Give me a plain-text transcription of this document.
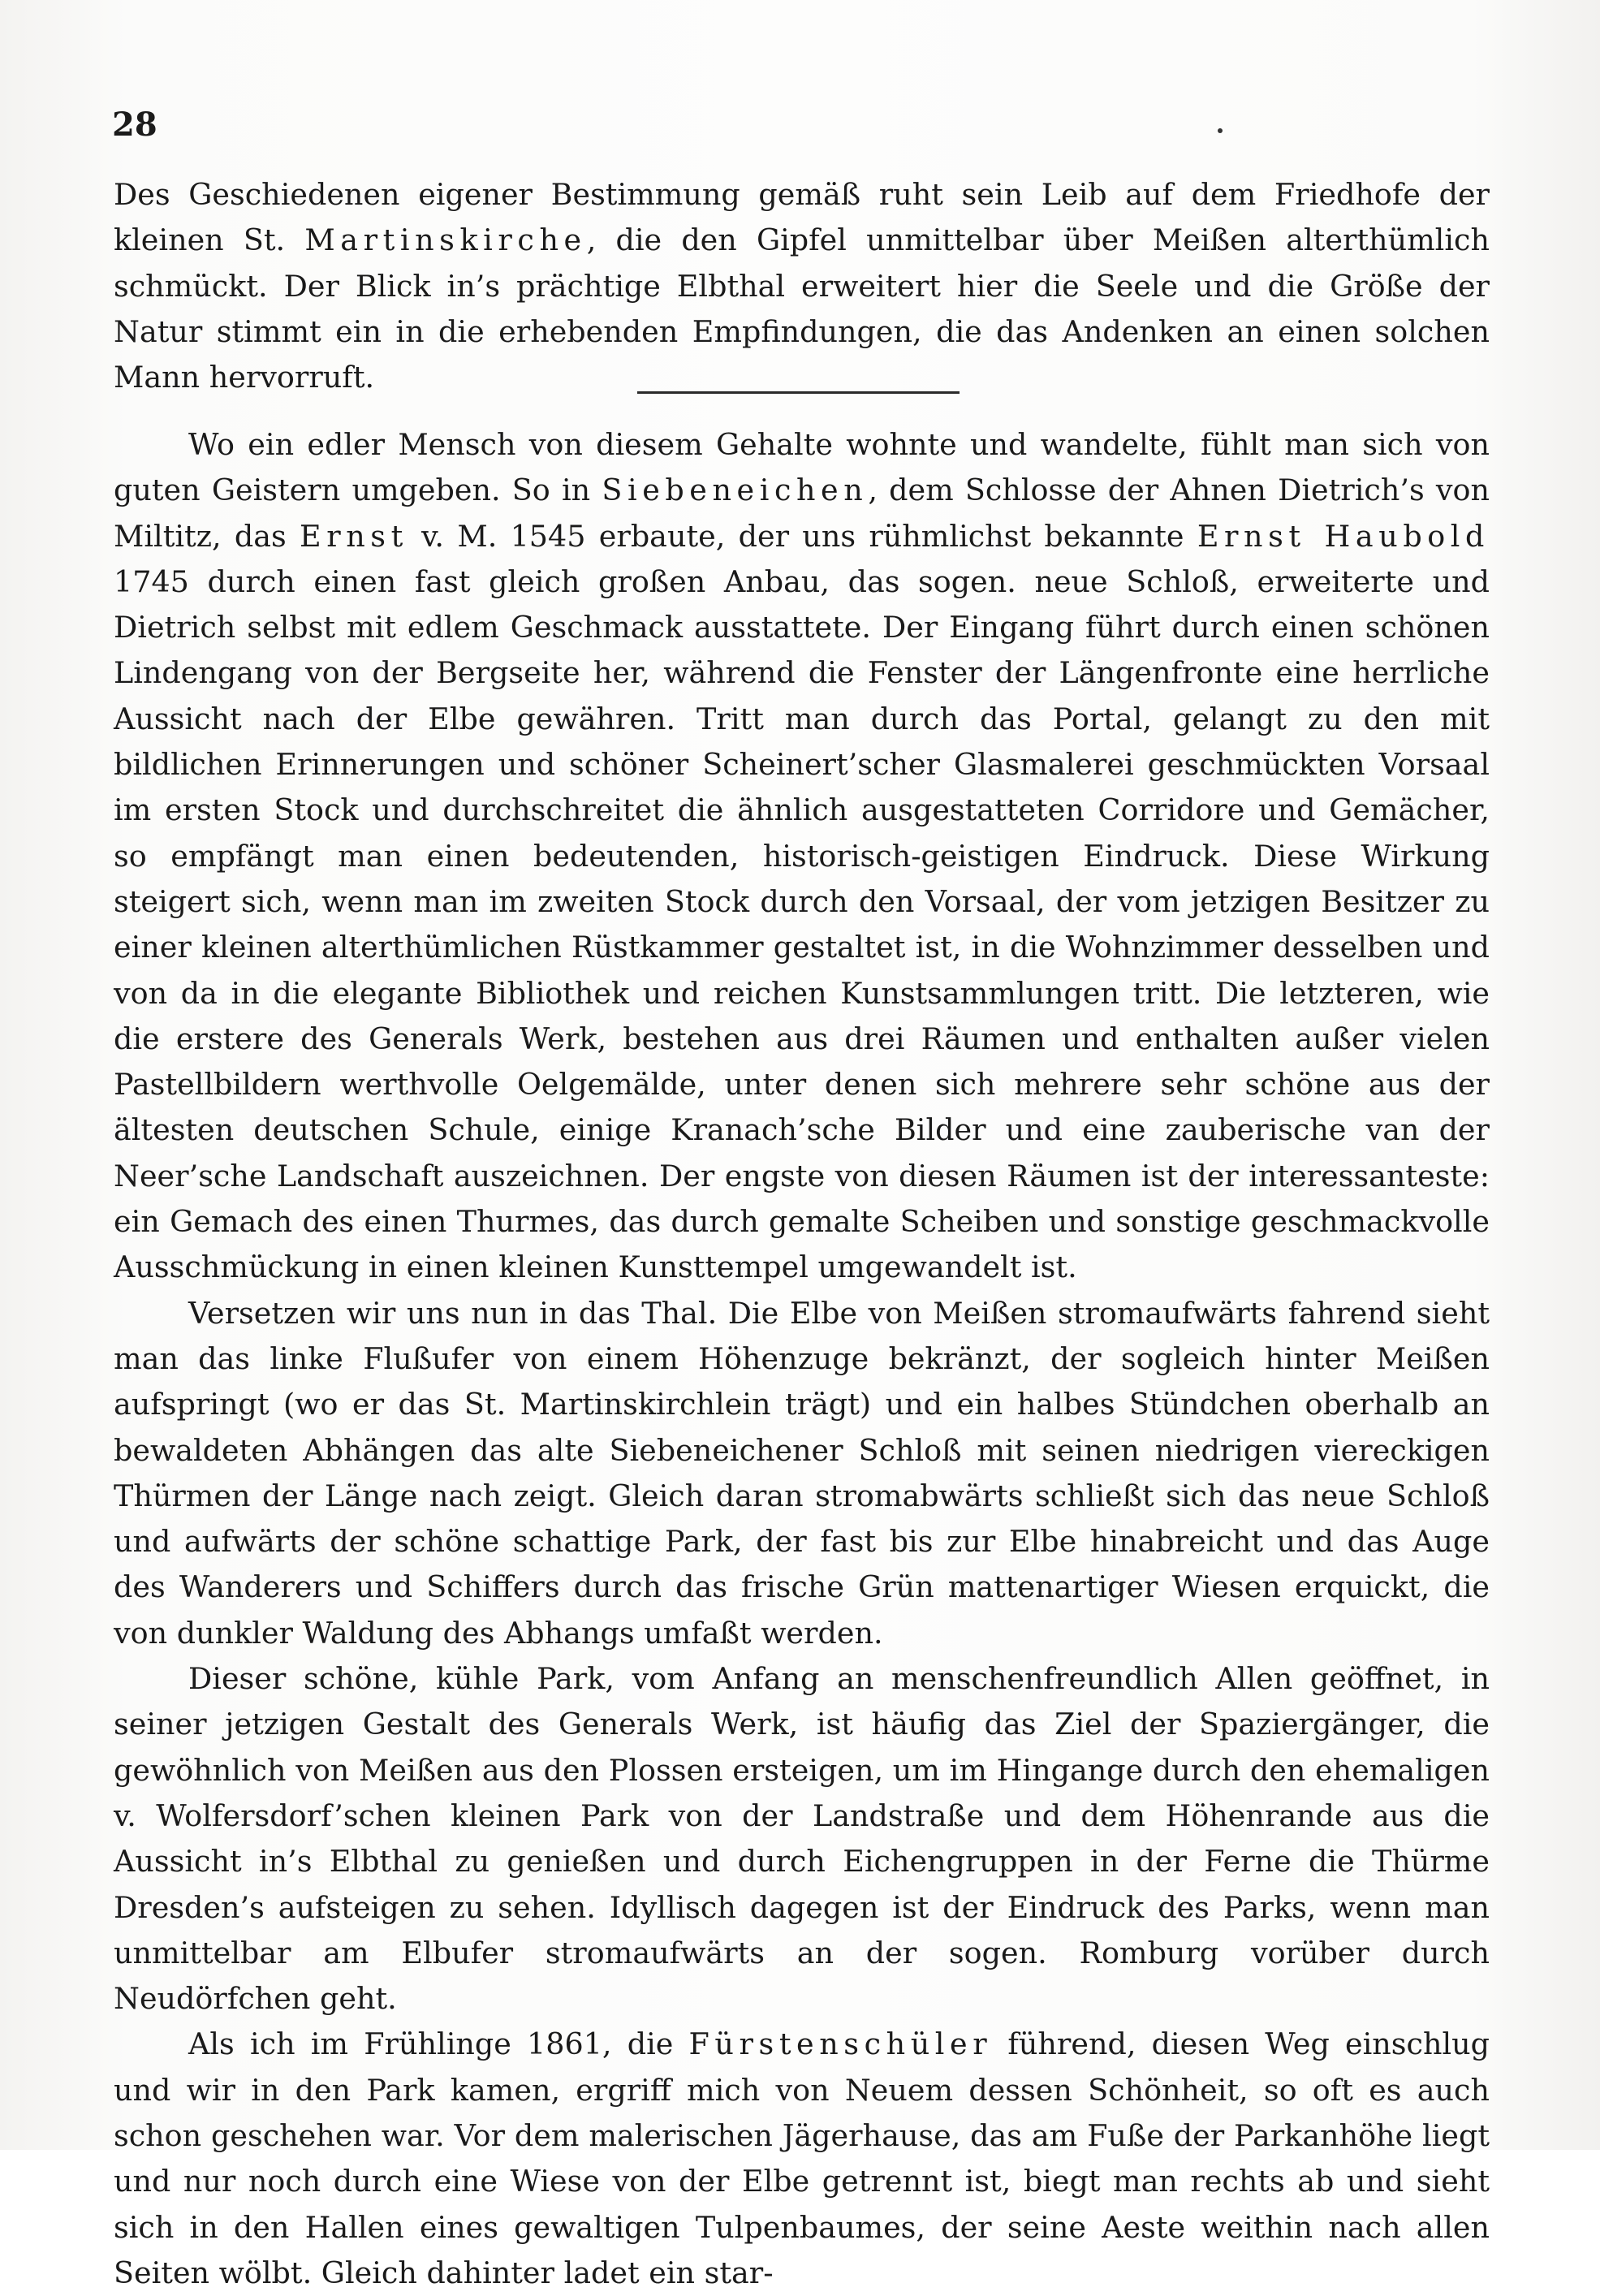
28

Des Geschiedenen eigener Bestimmung gemäß ruht sein Leib auf dem Friedhofe der kleinen St. Martinskirche, die den Gipfel unmittelbar über Meißen alterthümlich schmückt. Der Blick in’s prächtige Elbthal erweitert hier die Seele und die Größe der Natur stimmt ein in die erhebenden Empfindungen, die das Andenken an einen solchen Mann hervorruft.

Wo ein edler Mensch von diesem Gehalte wohnte und wandelte, fühlt man sich von guten Geistern umgeben. So in Siebeneichen, dem Schlosse der Ahnen Dietrich’s von Miltitz, das Ernst v. M. 1545 erbaute, der uns rühmlichst bekannte Ernst Haubold 1745 durch einen fast gleich großen Anbau, das sogen. neue Schloß, erweiterte und Dietrich selbst mit edlem Geschmack ausstattete. Der Eingang führt durch einen schönen Lindengang von der Bergseite her, während die Fenster der Längenfronte eine herrliche Aussicht nach der Elbe gewähren. Tritt man durch das Portal, gelangt zu den mit bildlichen Erinnerungen und schöner Scheinert’scher Glasmalerei geschmückten Vorsaal im ersten Stock und durchschreitet die ähnlich ausgestatteten Corridore und Gemächer, so empfängt man einen bedeutenden, historisch-geistigen Eindruck. Diese Wirkung steigert sich, wenn man im zweiten Stock durch den Vorsaal, der vom jetzigen Besitzer zu einer kleinen alterthümlichen Rüstkammer gestaltet ist, in die Wohnzimmer desselben und von da in die elegante Bibliothek und reichen Kunstsammlungen tritt. Die letzteren, wie die erstere des Generals Werk, bestehen aus drei Räumen und enthalten außer vielen Pastellbildern werthvolle Oelgemälde, unter denen sich mehrere sehr schöne aus der ältesten deutschen Schule, einige Kranach’sche Bilder und eine zauberische van der Neer’sche Landschaft auszeichnen. Der engste von diesen Räumen ist der interessanteste: ein Gemach des einen Thurmes, das durch gemalte Scheiben und sonstige geschmackvolle Ausschmückung in einen kleinen Kunsttempel umgewandelt ist.

Versetzen wir uns nun in das Thal. Die Elbe von Meißen stromaufwärts fahrend sieht man das linke Flußufer von einem Höhenzuge bekränzt, der sogleich hinter Meißen aufspringt (wo er das St. Martinskirchlein trägt) und ein halbes Stündchen oberhalb an bewaldeten Abhängen das alte Siebeneichener Schloß mit seinen niedrigen viereckigen Thürmen der Länge nach zeigt. Gleich daran stromabwärts schließt sich das neue Schloß und aufwärts der schöne schattige Park, der fast bis zur Elbe hinabreicht und das Auge des Wanderers und Schiffers durch das frische Grün mattenartiger Wiesen erquickt, die von dunkler Waldung des Abhangs umfaßt werden.

Dieser schöne, kühle Park, vom Anfang an menschenfreundlich Allen geöffnet, in seiner jetzigen Gestalt des Generals Werk, ist häufig das Ziel der Spaziergänger, die gewöhnlich von Meißen aus den Plossen ersteigen, um im Hingange durch den ehemaligen v. Wolfersdorf’schen kleinen Park von der Landstraße und dem Höhenrande aus die Aussicht in’s Elbthal zu genießen und durch Eichengruppen in der Ferne die Thürme Dresden’s aufsteigen zu sehen. Idyllisch dagegen ist der Eindruck des Parks, wenn man unmittelbar am Elbufer stromaufwärts an der sogen. Romburg vorüber durch Neudörfchen geht.

Als ich im Frühlinge 1861, die Fürstenschüler führend, diesen Weg einschlug und wir in den Park kamen, ergriff mich von Neuem dessen Schönheit, so oft es auch schon geschehen war. Vor dem malerischen Jägerhause, das am Fuße der Parkanhöhe liegt und nur noch durch eine Wiese von der Elbe getrennt ist, biegt man rechts ab und sieht sich in den Hallen eines gewaltigen Tulpenbaumes, der seine Aeste weithin nach allen Seiten wölbt. Gleich dahinter ladet ein star-
